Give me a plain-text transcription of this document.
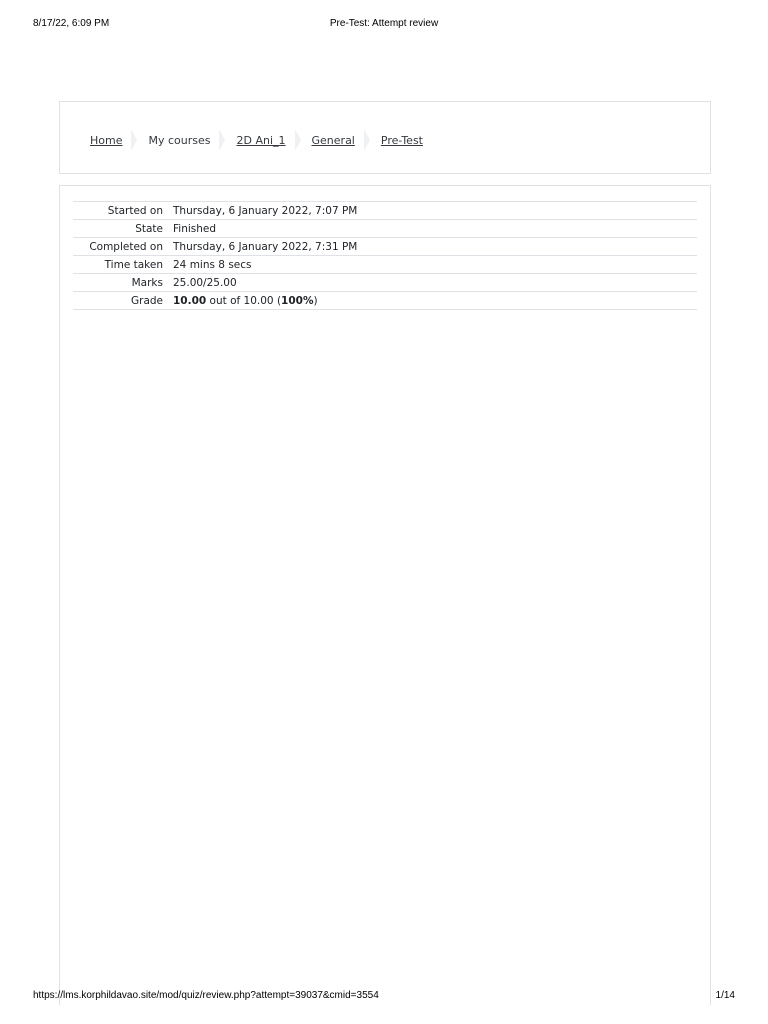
8/17/22, 6:09 PM	Pre-Test: Attempt review
Home My courses 2D Ani_1 General Pre-Test
Started on	Thursday, 6 January 2022, 7:07 PM
State	Finished
Completed on	Thursday, 6 January 2022, 7:31 PM
Time taken	24 mins 8 secs
Marks	25.00/25.00
Grade	10.00 out of 10.00 (100%)
https://lms.korphildavao.site/mod/quiz/review.php?attempt=39037&cmid=3554	1/14
